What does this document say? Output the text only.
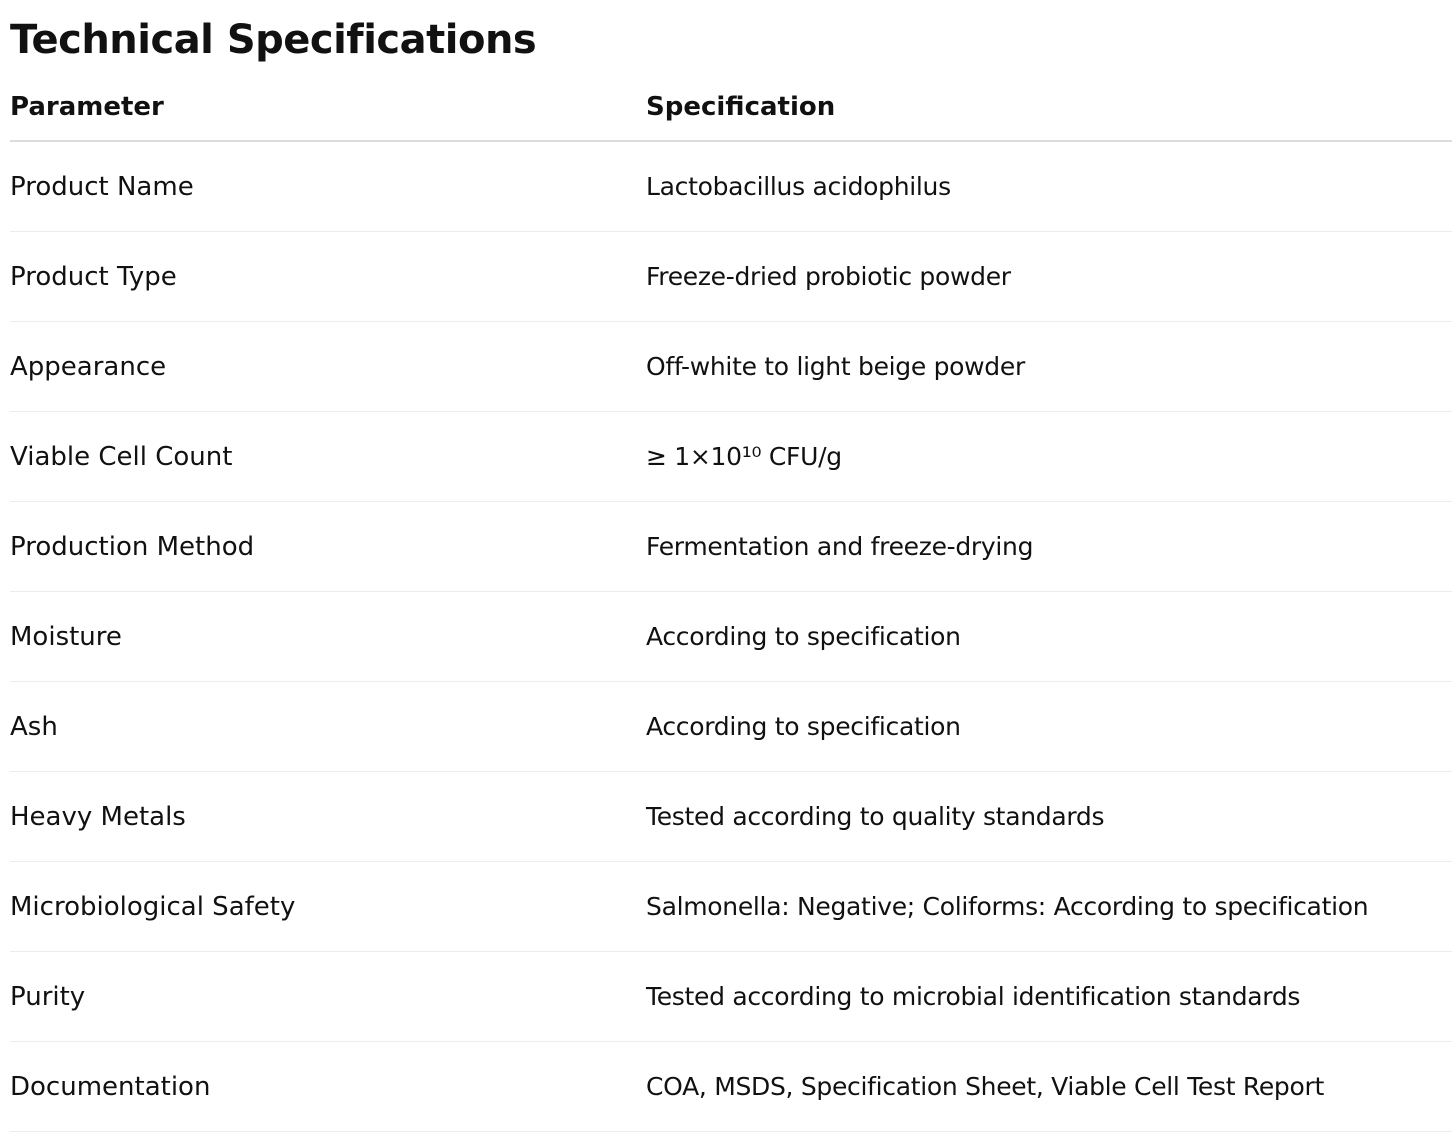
Technical Specifications
Parameter	Specification
Product Name	Lactobacillus acidophilus
Product Type	Freeze-dried probiotic powder
Appearance	Off-white to light beige powder
Viable Cell Count	≥ 1×10¹⁰ CFU/g
Production Method	Fermentation and freeze-drying
Moisture	According to specification
Ash	According to specification
Heavy Metals	Tested according to quality standards
Microbiological Safety	Salmonella: Negative; Coliforms: According to specification
Purity	Tested according to microbial identification standards
Documentation	COA, MSDS, Specification Sheet, Viable Cell Test Report
